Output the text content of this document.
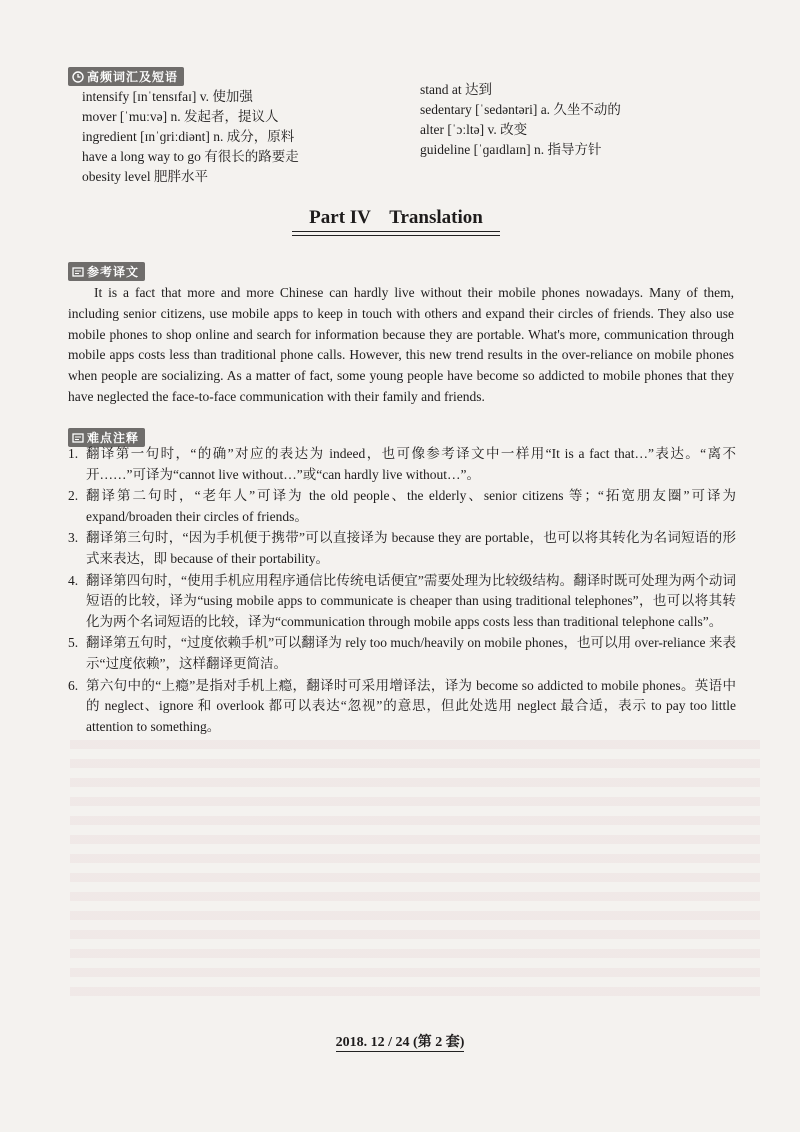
高频词汇及短语
intensify [ɪnˈtensɪfaɪ] v. 使加强
mover [ˈmuːvə] n. 发起者，提议人
ingredient [ɪnˈɡriːdiənt] n. 成分，原料
have a long way to go 有很长的路要走
obesity level 肥胖水平
stand at 达到
sedentary [ˈsedəntəri] a. 久坐不动的
alter [ˈɔːltə] v. 改变
guideline [ˈɡaɪdlaɪn] n. 指导方针
Part IV    Translation
参考译文
It is a fact that more and more Chinese can hardly live without their mobile phones nowadays. Many of them, including senior citizens, use mobile apps to keep in touch with others and expand their circles of friends. They also use mobile phones to shop online and search for information because they are portable. What's more, communication through mobile apps costs less than traditional phone calls. However, this new trend results in the over-reliance on mobile phones when people are socializing. As a matter of fact, some young people have become so addicted to mobile phones that they have neglected the face-to-face communication with their family and friends.
难点注释
1. 翻译第一句时，“的确”对应的表达为 indeed，也可像参考译文中一样用“It is a fact that…”表达。“离不开……”可译为“cannot live without…”或“can hardly live without…”。
2. 翻译第二句时，“老年人”可译为 the old people、the elderly、senior citizens 等；“拓宽朋友圈”可译为 expand/broaden their circles of friends。
3. 翻译第三句时，“因为手机便于携带”可以直接译为 because they are portable，也可以将其转化为名词短语的形式来表达，即 because of their portability。
4. 翻译第四句时，“使用手机应用程序通信比传统电话便宜”需要处理为比较级结构。翻译时既可处理为两个动词短语的比较，译为“using mobile apps to communicate is cheaper than using traditional telephones”，也可以将其转化为两个名词短语的比较，译为“communication through mobile apps costs less than traditional telephone calls”。
5. 翻译第五句时，“过度依赖手机”可以翻译为 rely too much/heavily on mobile phones，也可以用 over-reliance 来表示“过度依赖”，这样翻译更简洁。
6. 第六句中的“上瘾”是指对手机上瘾，翻译时可采用增译法，译为 become so addicted to mobile phones。英语中的 neglect、ignore 和 overlook 都可以表达“忽视”的意思，但此处选用 neglect 最合适，表示 to pay too little attention to something。
2018. 12 / 24 (第 2 套)
